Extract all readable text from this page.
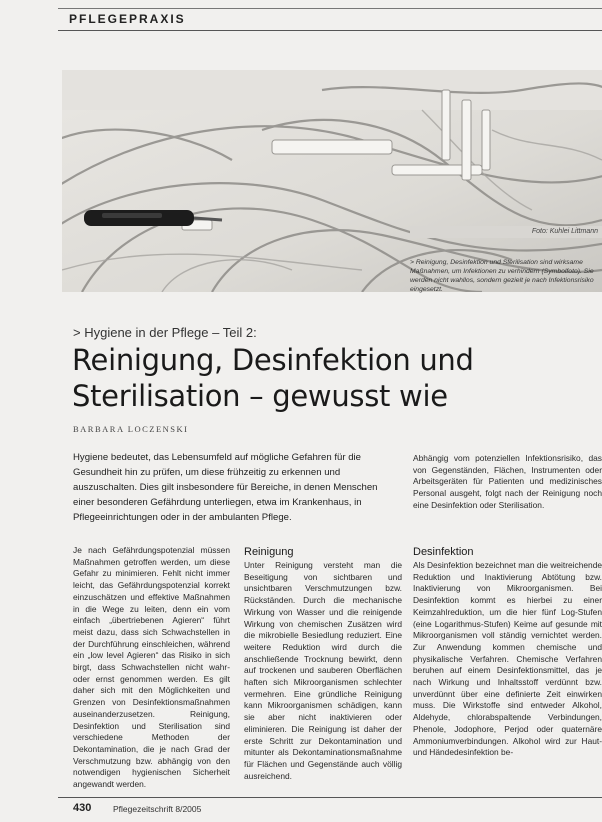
PFLEGEPRAXIS
Foto: Kuhlei Littmann
> Reinigung, Desinfektion und Sterilisation sind wirksame Maßnahmen, um Infektionen zu verhindern (Symbolfoto). Sie werden nicht wahllos, sondern gezielt je nach Infektionsrisiko eingesetzt.
> Hygiene in der Pflege – Teil 2:
Reinigung, Desinfektion und
Sterilisation – gewusst wie
BARBARA LOCZENSKI
Hygiene bedeutet, das Lebensumfeld auf mögliche Gefahren für die Gesundheit hin zu prüfen, um diese frühzeitig zu erkennen und auszuschalten. Dies gilt insbesondere für Bereiche, in denen Menschen einer besonderen Gefährdung unterliegen, etwa im Krankenhaus, in Pflegeeinrichtungen oder in der ambulanten Pflege.
Abhängig vom potenziellen Infektionsrisiko, das von Gegenständen, Flächen, Instrumenten oder Arbeitsgeräten für Patienten und medizinisches Personal ausgeht, folgt nach der Reinigung noch eine Desinfektion oder Sterilisation.
Je nach Gefährdungspotenzial müssen Maßnahmen getroffen werden, um diese Gefahr zu minimieren. Fehlt nicht immer leicht, das Gefährdungspotenzial korrekt einzuschätzen und effektive Maßnahmen in die Wege zu leiten, denn ein vom einfach „übertriebenen Agieren“ führt meist dazu, dass sich Schwachstellen in der Durchführung einschleichen, während ein „low level Agieren“ das Risiko in sich birgt, dass Schwachstellen nicht wahr- oder ernst genommen werden. Es gilt daher sich mit den Möglichkeiten und Grenzen von Desinfektionsmaßnahmen auseinanderzusetzen. Reinigung, Desinfektion und Sterilisation sind verschiedene Methoden der Dekontamination, die je nach Grad der Verschmutzung bzw. abhängig von den notwendigen hygienischen Sicherheit angewandt werden.
Reinigung
Unter Reinigung versteht man die Beseitigung von sichtbaren und unsichtbaren Verschmutzungen bzw. Rückständen. Durch die mechanische Wirkung von Wasser und die reinigende Wirkung von chemischen Zusätzen wird die mikrobielle Besiedlung reduziert. Eine weitere Reduktion wird durch die anschließende Trocknung bewirkt, denn auf trockenen und sauberen Oberflächen haften sich Mikroorganismen schlechter vermehren. Eine gründliche Reinigung kann Mikroorganismen schädigen, kann sie aber nicht inaktivieren oder eliminieren. Die Reinigung ist daher der erste Schritt zur Dekontamination und mitunter als Dekontaminationsmaßnahme für Flächen und Gegenstände auch völlig ausreichend.
Desinfektion
Als Desinfektion bezeichnet man die weitreichende Reduktion und Inaktivierung Abtötung bzw. Inaktivierung von Mikroorganismen. Bei Desinfektion kommt es hierbei zu einer Keimzahlreduktion, um die hier fünf Log-Stufen (eine Logarithmus-Stufen) Keime auf gesunde mit Mikroorganismen voll ständig vernichtet werden. Zur Anwendung kommen chemische und physikalische Verfahren. Chemische Verfahren beruhen auf einem Desinfektionsmittel, das je nach Wirkung und Inhaltsstoff verdünnt bzw. unverdünnt über eine definierte Zeit einwirken muss. Die Wirkstoffe sind entweder Alkohol, Aldehyde, chlorabspaltende Verbindungen, Phenole, Jodophore, Perjod oder quaternäre Ammoniumverbindungen. Alkohol wird zur Haut- und Händedesinfektion be-
430	Pflegezeitschrift 8/2005
